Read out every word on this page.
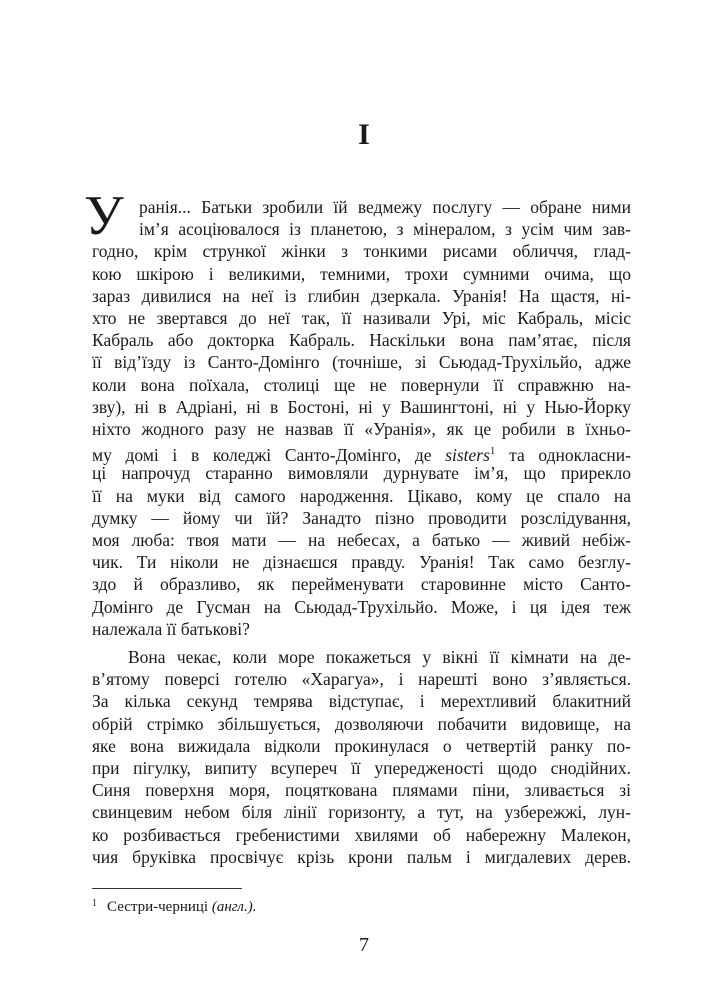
I
У ранія... Батьки зробили їй ведмежу послугу — обране ними
ім’я асоціювалося із планетою, з мінералом, з усім чим зав-
годно, крім стрункої жінки з тонкими рисами обличчя, глад-
кою шкірою і великими, темними, трохи сумними очима, що
зараз дивилися на неї із глибин дзеркала. Уранія! На щастя, ні-
хто не звертався до неї так, її називали Урі, міс Кабраль, місіс
Кабраль або докторка Кабраль. Наскільки вона пам’ятає, після
її від’їзду із Санто-Домінго (точніше, зі Сьюдад-Трухільйо, адже
коли вона поїхала, столиці ще не повернули її справжню на-
зву), ні в Адріані, ні в Бостоні, ні у Вашингтоні, ні у Нью-Йорку
ніхто жодного разу не назвав її «Уранія», як це робили в їхньо-
му домі і в коледжі Санто-Домінго, де sisters$^1$ та однокласни-
ці напрочуд старанно вимовляли дурнувате ім’я, що прирекло
її на муки від самого народження. Цікаво, кому це спало на
думку — йому чи їй? Занадто пізно проводити розслідування,
моя люба: твоя мати — на небесах, а батько — живий небіж-
чик. Ти ніколи не дізнаєшся правду. Уранія! Так само безглу-
здо й образливо, як перейменувати старовинне місто Санто-
Домінго де Гусман на Сьюдад-Трухільйо. Може, і ця ідея теж
належала її батькові?
Вона чекає, коли море покажеться у вікні її кімнати на де-
в’ятому поверсі готелю «Харагуа», і нарешті воно з’являється.
За кілька секунд темрява відступає, і мерехтливий блакитний
обрій стрімко збільшується, дозволяючи побачити видовище, на
яке вона вижидала відколи прокинулася о четвертій ранку по-
при пігулку, випиту всупереч її упередженості щодо снодійних.
Синя поверхня моря, поцяткована плямами піни, зливається зі
свинцевим небом біля лінії горизонту, а тут, на узбережжі, лун-
ко розбивається гребенистими хвилями об набережну Малекон,
чия бруківка просвічує крізь крони пальм і мигдалевих дерев.
$^1$ Сестри-черниці (англ.).
7
